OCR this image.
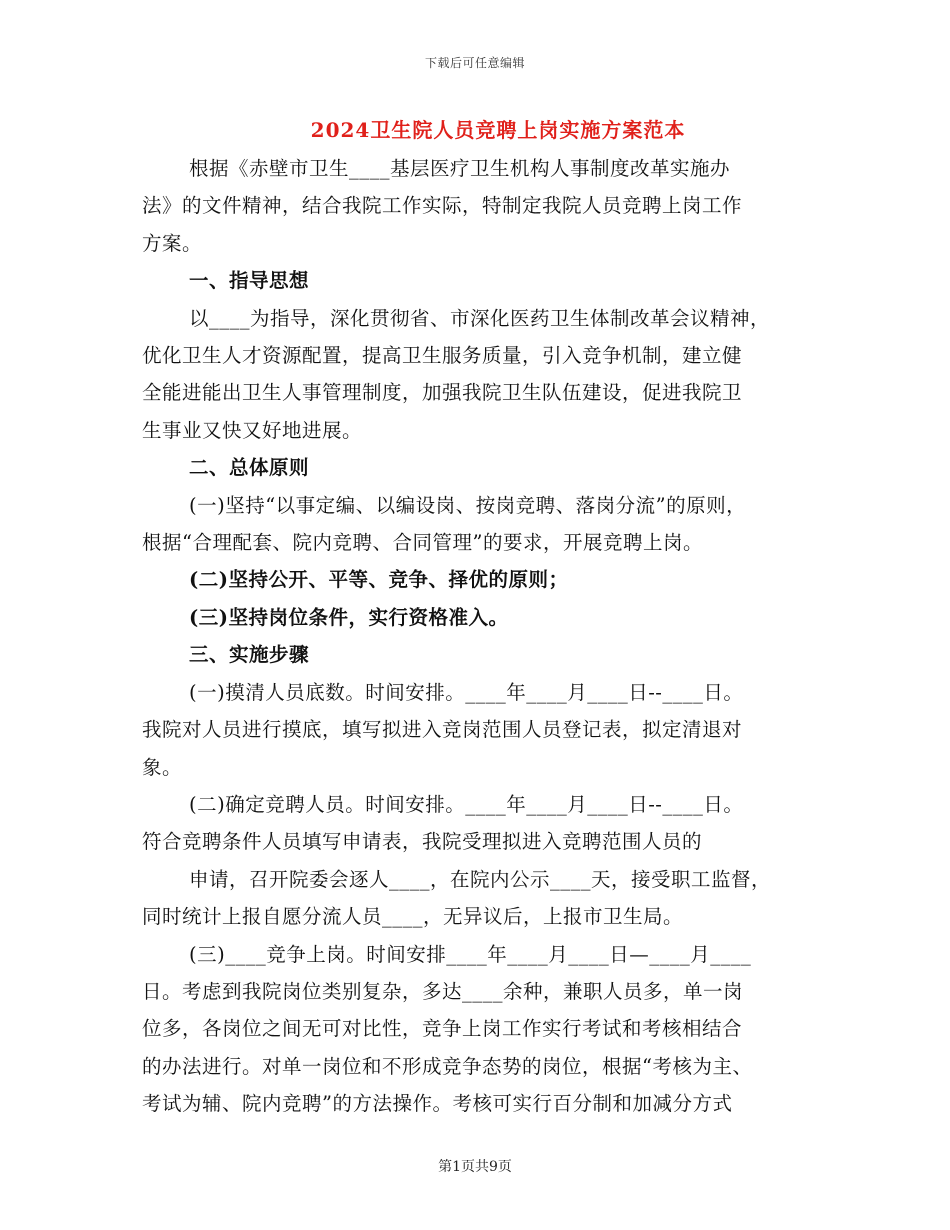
下载后可任意编辑
2024卫生院人员竞聘上岗实施方案范本

根据《赤壁市卫生____基层医疗卫生机构人事制度改革实施办

法》的文件精神，结合我院工作实际，特制定我院人员竞聘上岗工作

方案。

一、指导思想

以____为指导，深化贯彻省、市深化医药卫生体制改革会议精神，

优化卫生人才资源配置，提高卫生服务质量，引入竞争机制，建立健

全能进能出卫生人事管理制度，加强我院卫生队伍建设，促进我院卫

生事业又快又好地进展。

二、总体原则

(一)坚持“以事定编、以编设岗、按岗竞聘、落岗分流”的原则，

根据“合理配套、院内竞聘、合同管理”的要求，开展竞聘上岗。

(二)坚持公开、平等、竞争、择优的原则；

(三)坚持岗位条件，实行资格准入。

三、实施步骤

(一)摸清人员底数。时间安排。____年____月____日--____日。

我院对人员进行摸底，填写拟进入竞岗范围人员登记表，拟定清退对

象。

(二)确定竞聘人员。时间安排。____年____月____日--____日。

符合竞聘条件人员填写申请表，我院受理拟进入竞聘范围人员的

申请，召开院委会逐人____，在院内公示____天，接受职工监督，

同时统计上报自愿分流人员____，无异议后，上报市卫生局。

(三)____竞争上岗。时间安排____年____月____日—____月____

日。考虑到我院岗位类别复杂，多达____余种，兼职人员多，单一岗

位多，各岗位之间无可对比性，竞争上岗工作实行考试和考核相结合

的办法进行。对单一岗位和不形成竞争态势的岗位，根据“考核为主、

考试为辅、院内竞聘”的方法操作。考核可实行百分制和加减分方式

第1页共9页
